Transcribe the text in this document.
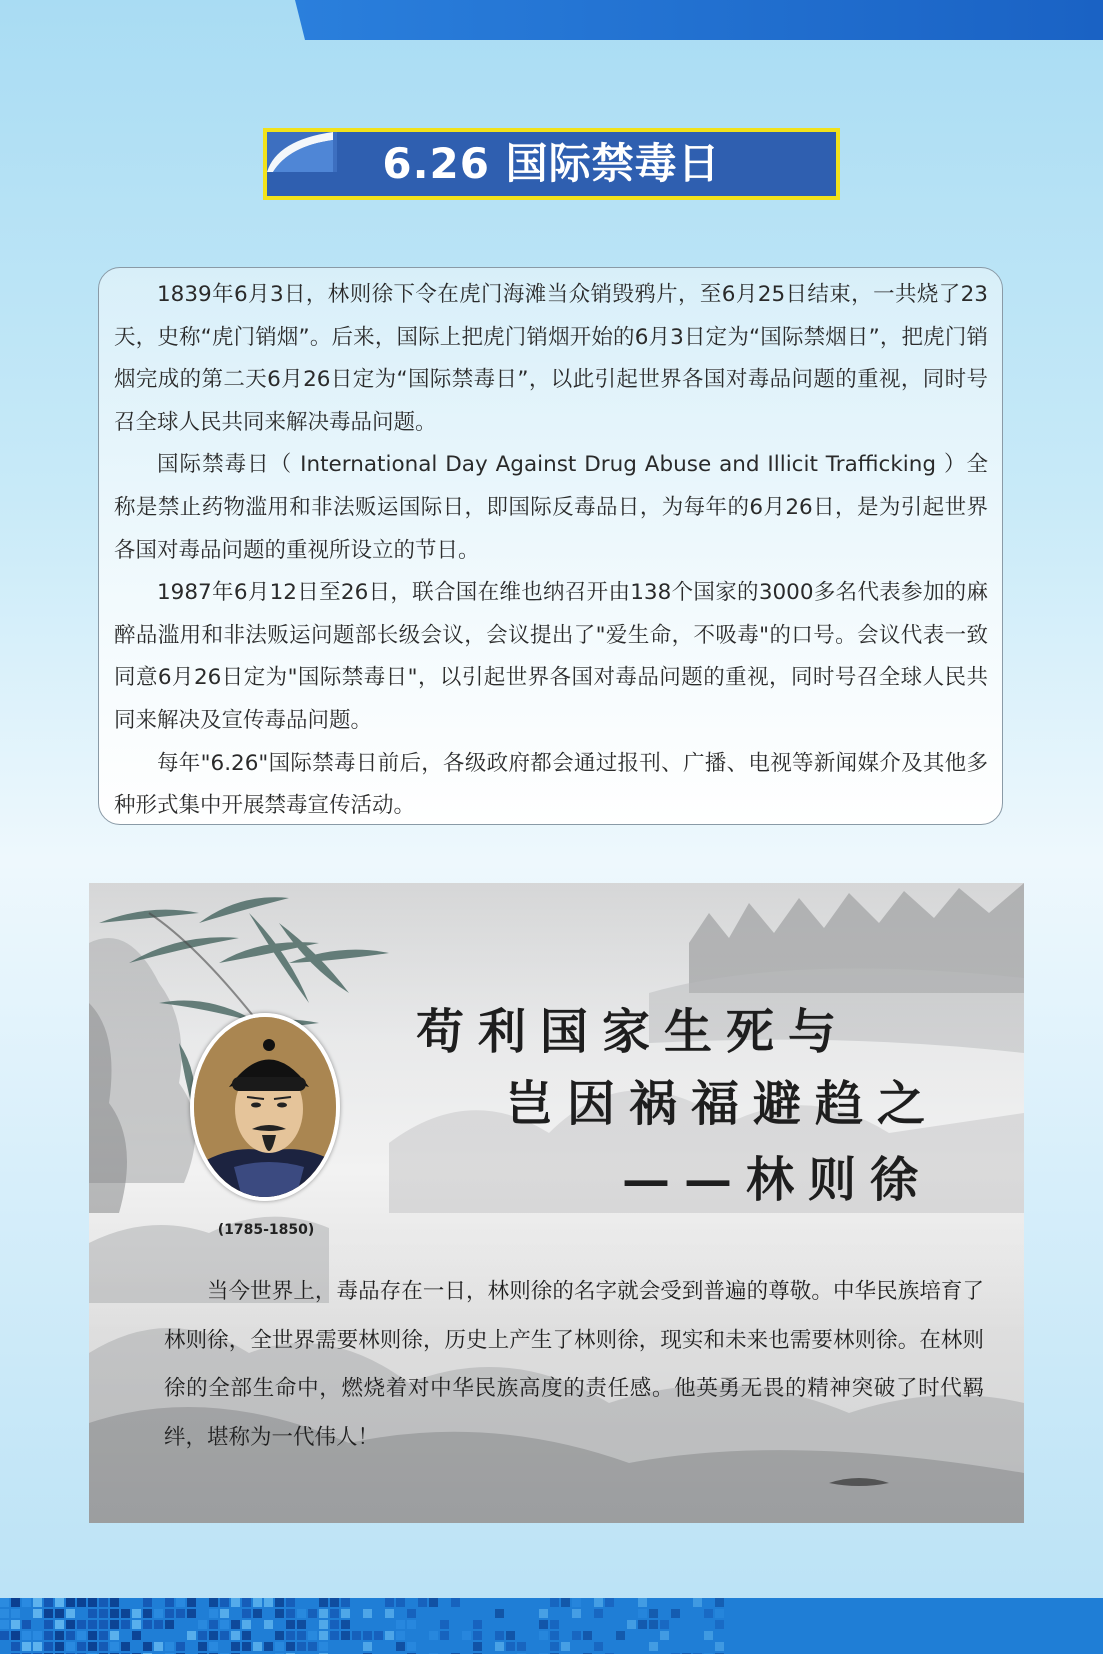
6.26 国际禁毒日

1839年6月3日，林则徐下令在虎门海滩当众销毁鸦片，至6月25日结束，一共烧了23天，史称“虎门销烟”。后来，国际上把虎门销烟开始的6月3日定为“国际禁烟日”，把虎门销烟完成的第二天6月26日定为“国际禁毒日”，以此引起世界各国对毒品问题的重视，同时号召全球人民共同来解决毒品问题。

国际禁毒日（ International Day Against Drug Abuse and Illicit Trafficking ）全称是禁止药物滥用和非法贩运国际日，即国际反毒品日，为每年的6月26日，是为引起世界各国对毒品问题的重视所设立的节日。

1987年6月12日至26日，联合国在维也纳召开由138个国家的3000多名代表参加的麻醉品滥用和非法贩运问题部长级会议，会议提出了"爱生命，不吸毒"的口号。会议代表一致同意6月26日定为"国际禁毒日"，以引起世界各国对毒品问题的重视，同时号召全球人民共同来解决及宣传毒品问题。

每年"6.26"国际禁毒日前后，各级政府都会通过报刊、广播、电视等新闻媒介及其他多种形式集中开展禁毒宣传活动。

(1785-1850)
苟利国家生死与
岂因祸福避趋之
——林则徐

当今世界上，毒品存在一日，林则徐的名字就会受到普遍的尊敬。中华民族培育了林则徐，全世界需要林则徐，历史上产生了林则徐，现实和未来也需要林则徐。在林则徐的全部生命中，燃烧着对中华民族高度的责任感。他英勇无畏的精神突破了时代羁绊，堪称为一代伟人！
